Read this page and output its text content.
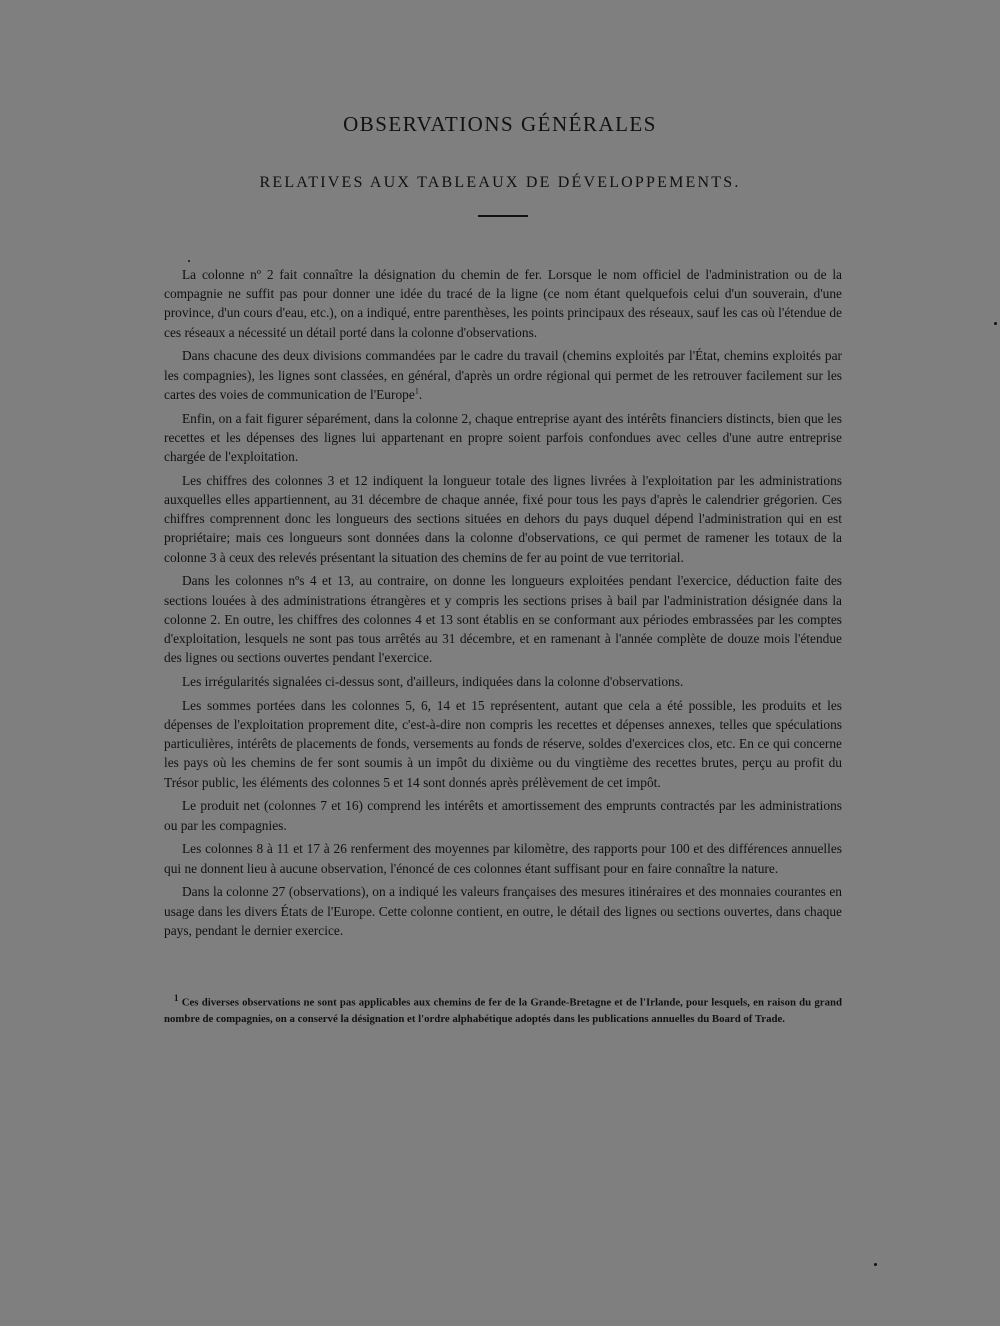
OBSERVATIONS GÉNÉRALES
RELATIVES AUX TABLEAUX DE DÉVELOPPEMENTS.

La colonne nº 2 fait connaître la désignation du chemin de fer. Lorsque le nom officiel de l'administration ou de la compagnie ne suffit pas pour donner une idée du tracé de la ligne (ce nom étant quelquefois celui d'un souverain, d'une province, d'un cours d'eau, etc.), on a indiqué, entre parenthèses, les points principaux des réseaux, sauf les cas où l'étendue de ces réseaux a nécessité un détail porté dans la colonne d'observations.

Dans chacune des deux divisions commandées par le cadre du travail (chemins exploités par l'État, chemins exploités par les compagnies), les lignes sont classées, en général, d'après un ordre régional qui permet de les retrouver facilement sur les cartes des voies de communication de l'Europe$^1$.

Enfin, on a fait figurer séparément, dans la colonne 2, chaque entreprise ayant des intérêts financiers distincts, bien que les recettes et les dépenses des lignes lui appartenant en propre soient parfois confondues avec celles d'une autre entreprise chargée de l'exploitation.

Les chiffres des colonnes 3 et 12 indiquent la longueur totale des lignes livrées à l'exploitation par les administrations auxquelles elles appartiennent, au 31 décembre de chaque année, fixé pour tous les pays d'après le calendrier grégorien. Ces chiffres comprennent donc les longueurs des sections situées en dehors du pays duquel dépend l'administration qui en est propriétaire; mais ces longueurs sont données dans la colonne d'observations, ce qui permet de ramener les totaux de la colonne 3 à ceux des relevés présentant la situation des chemins de fer au point de vue territorial.

Dans les colonnes nºs 4 et 13, au contraire, on donne les longueurs exploitées pendant l'exercice, déduction faite des sections louées à des administrations étrangères et y compris les sections prises à bail par l'administration désignée dans la colonne 2. En outre, les chiffres des colonnes 4 et 13 sont établis en se conformant aux périodes embrassées par les comptes d'exploitation, lesquels ne sont pas tous arrêtés au 31 décembre, et en ramenant à l'année complète de douze mois l'étendue des lignes ou sections ouvertes pendant l'exercice.

Les irrégularités signalées ci-dessus sont, d'ailleurs, indiquées dans la colonne d'observations.

Les sommes portées dans les colonnes 5, 6, 14 et 15 représentent, autant que cela a été possible, les produits et les dépenses de l'exploitation proprement dite, c'est-à-dire non compris les recettes et dépenses annexes, telles que spéculations particulières, intérêts de placements de fonds, versements au fonds de réserve, soldes d'exercices clos, etc. En ce qui concerne les pays où les chemins de fer sont soumis à un impôt du dixième ou du vingtième des recettes brutes, perçu au profit du Trésor public, les éléments des colonnes 5 et 14 sont donnés après prélèvement de cet impôt.

Le produit net (colonnes 7 et 16) comprend les intérêts et amortissement des emprunts contractés par les administrations ou par les compagnies.

Les colonnes 8 à 11 et 17 à 26 renferment des moyennes par kilomètre, des rapports pour 100 et des différences annuelles qui ne donnent lieu à aucune observation, l'énoncé de ces colonnes étant suffisant pour en faire connaître la nature.

Dans la colonne 27 (observations), on a indiqué les valeurs françaises des mesures itinéraires et des monnaies courantes en usage dans les divers États de l'Europe. Cette colonne contient, en outre, le détail des lignes ou sections ouvertes, dans chaque pays, pendant le dernier exercice.

$^1$ Ces diverses observations ne sont pas applicables aux chemins de fer de la Grande-Bretagne et de l'Irlande, pour lesquels, en raison du grand nombre de compagnies, on a conservé la désignation et l'ordre alphabétique adoptés dans les publications annuelles du Board of Trade.
